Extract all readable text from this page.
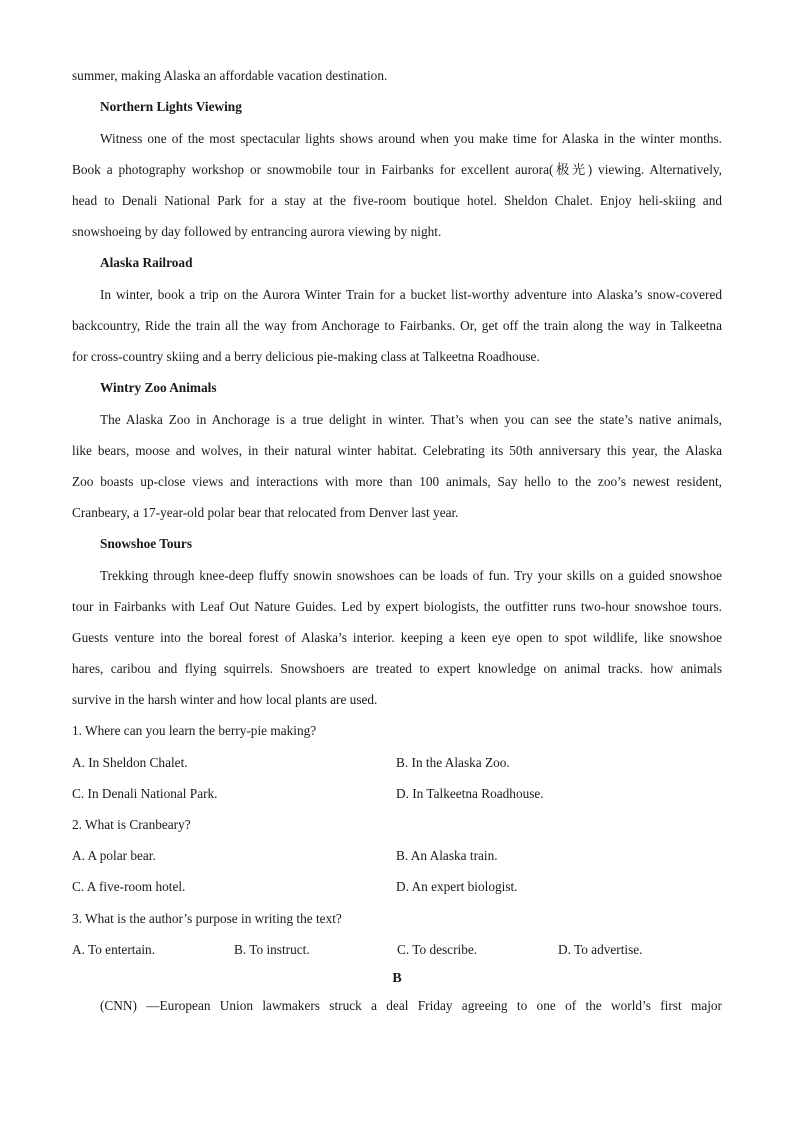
summer, making Alaska an affordable vacation destination.
Northern Lights Viewing
Witness one of the most spectacular lights shows around when you make time for Alaska in the winter months.
Book a photography workshop or snowmobile tour in Fairbanks for excellent aurora(极光) viewing. Alternatively,
head to Denali National Park for a stay at the five-room boutique hotel. Sheldon Chalet. Enjoy heli-skiing and
snowshoeing by day followed by entrancing aurora viewing by night.
Alaska Railroad
In winter, book a trip on the Aurora Winter Train for a bucket list-worthy adventure into Alaska’s snow-covered
backcountry, Ride the train all the way from Anchorage to Fairbanks. Or, get off the train along the way in Talkeetna
for cross-country skiing and a berry delicious pie-making class at Talkeetna Roadhouse.
Wintry Zoo Animals
The Alaska Zoo in Anchorage is a true delight in winter. That’s when you can see the state’s native animals,
like bears, moose and wolves, in their natural winter habitat. Celebrating its 50th anniversary this year, the Alaska
Zoo boasts up-close views and interactions with more than 100 animals, Say hello to the zoo’s newest resident,
Cranbeary, a 17-year-old polar bear that relocated from Denver last year.
Snowshoe Tours
Trekking through knee-deep fluffy snowin snowshoes can be loads of fun. Try your skills on a guided snowshoe
tour in Fairbanks with Leaf Out Nature Guides. Led by expert biologists, the outfitter runs two-hour snowshoe tours.
Guests venture into the boreal forest of Alaska’s interior. keeping a keen eye open to spot wildlife, like snowshoe
hares, caribou and flying squirrels. Snowshoers are treated to expert knowledge on animal tracks. how animals
survive in the harsh winter and how local plants are used.
1. Where can you learn the berry-pie making?
A. In Sheldon Chalet.	B. In the Alaska Zoo.
C. In Denali National Park.	D. In Talkeetna Roadhouse.
2. What is Cranbeary?
A. A polar bear.	B. An Alaska train.
C. A five-room hotel.	D. An expert biologist.
3. What is the author’s purpose in writing the text?
A. To entertain.	B. To instruct.	C. To describe.	D. To advertise.
B
(CNN) —European Union lawmakers struck a deal Friday agreeing to one of the world’s first major
